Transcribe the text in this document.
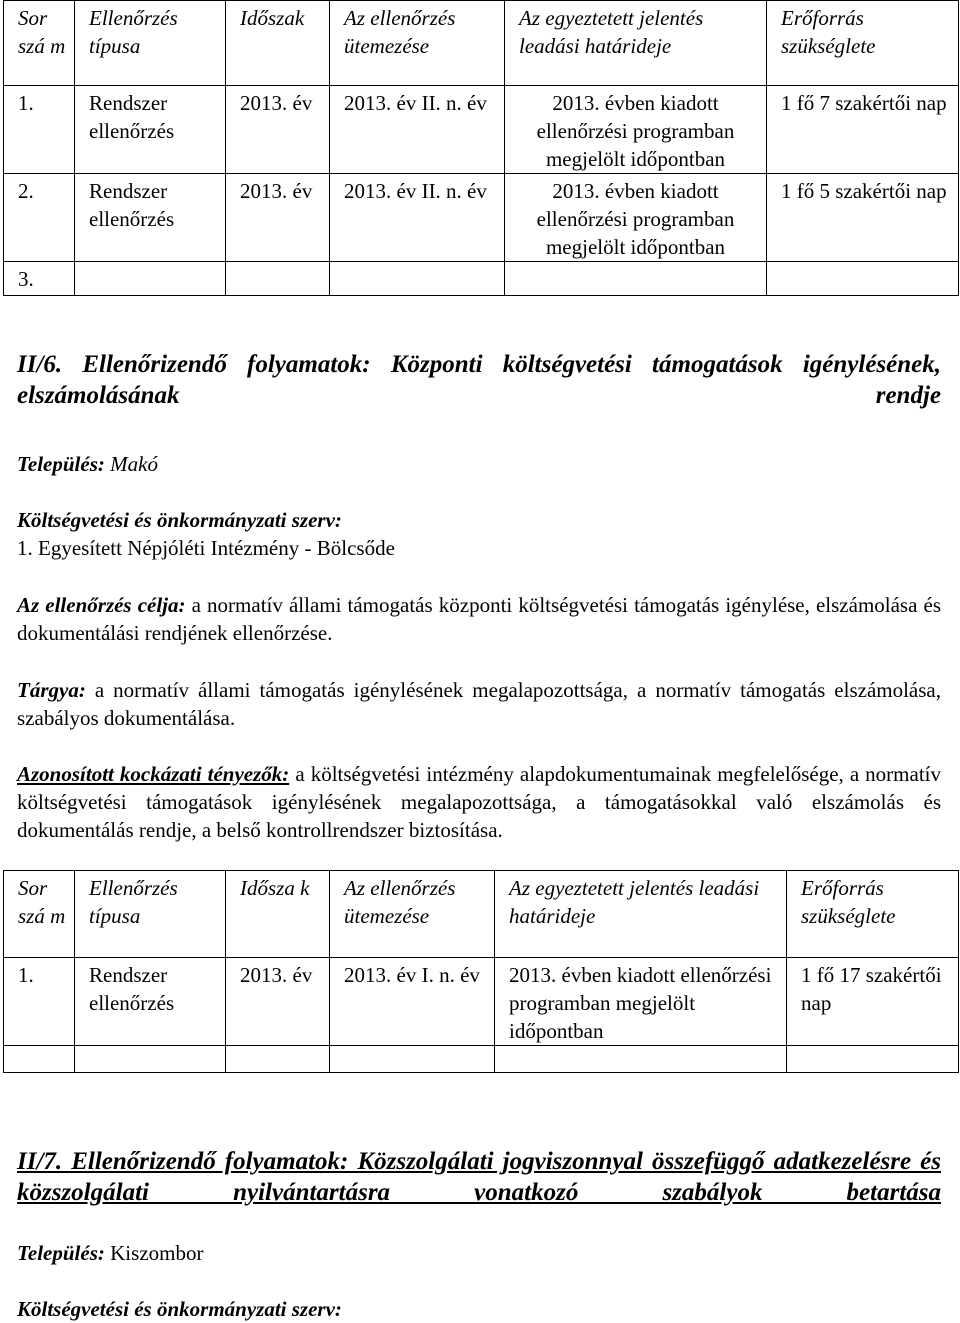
Sor szá m	Ellenőrzés típusa	Időszak	Az ellenőrzés ütemezése	Az egyeztetett jelentés leadási határideje	Erőforrás szükséglete
1.	Rendszer ellenőrzés	2013. év	2013. év II. n. év	2013. évben kiadott ellenőrzési programban megjelölt időpontban	1 fő 7 szakértői nap
2.	Rendszer ellenőrzés	2013. év	2013. év II. n. év	2013. évben kiadott ellenőrzési programban megjelölt időpontban	1 fő 5 szakértői nap
3.					
II/6. Ellenőrizendő folyamatok: Központi költségvetési támogatások igénylésének, elszámolásának rendje
Település: Makó
Költségvetési és önkormányzati szerv:
1. Egyesített Népjóléti Intézmény - Bölcsőde
Az ellenőrzés célja: a normatív állami támogatás központi költségvetési támogatás igénylése, elszámolása és dokumentálási rendjének ellenőrzése.
Tárgya: a normatív állami támogatás igénylésének megalapozottsága, a normatív támogatás elszámolása, szabályos dokumentálása.
Azonosított kockázati tényezők: a költségvetési intézmény alapdokumentumainak megfelelősége, a normatív költségvetési támogatások igénylésének megalapozottsága, a támogatásokkal való elszámolás és dokumentálás rendje, a belső kontrollrendszer biztosítása.
Sor szá m	Ellenőrzés típusa	Idősza k	Az ellenőrzés ütemezése	Az egyeztetett jelentés leadási határideje	Erőforrás szükséglete
1.	Rendszer ellenőrzés	2013. év	2013. év I. n. év	2013. évben kiadott ellenőrzési programban megjelölt időpontban	1 fő 17 szakértői nap

II/7. Ellenőrizendő folyamatok: Közszolgálati jogviszonnyal összefüggő adatkezelésre és közszolgálati nyilvántartásra vonatkozó szabályok betartása
Település: Kiszombor
Költségvetési és önkormányzati szerv:
